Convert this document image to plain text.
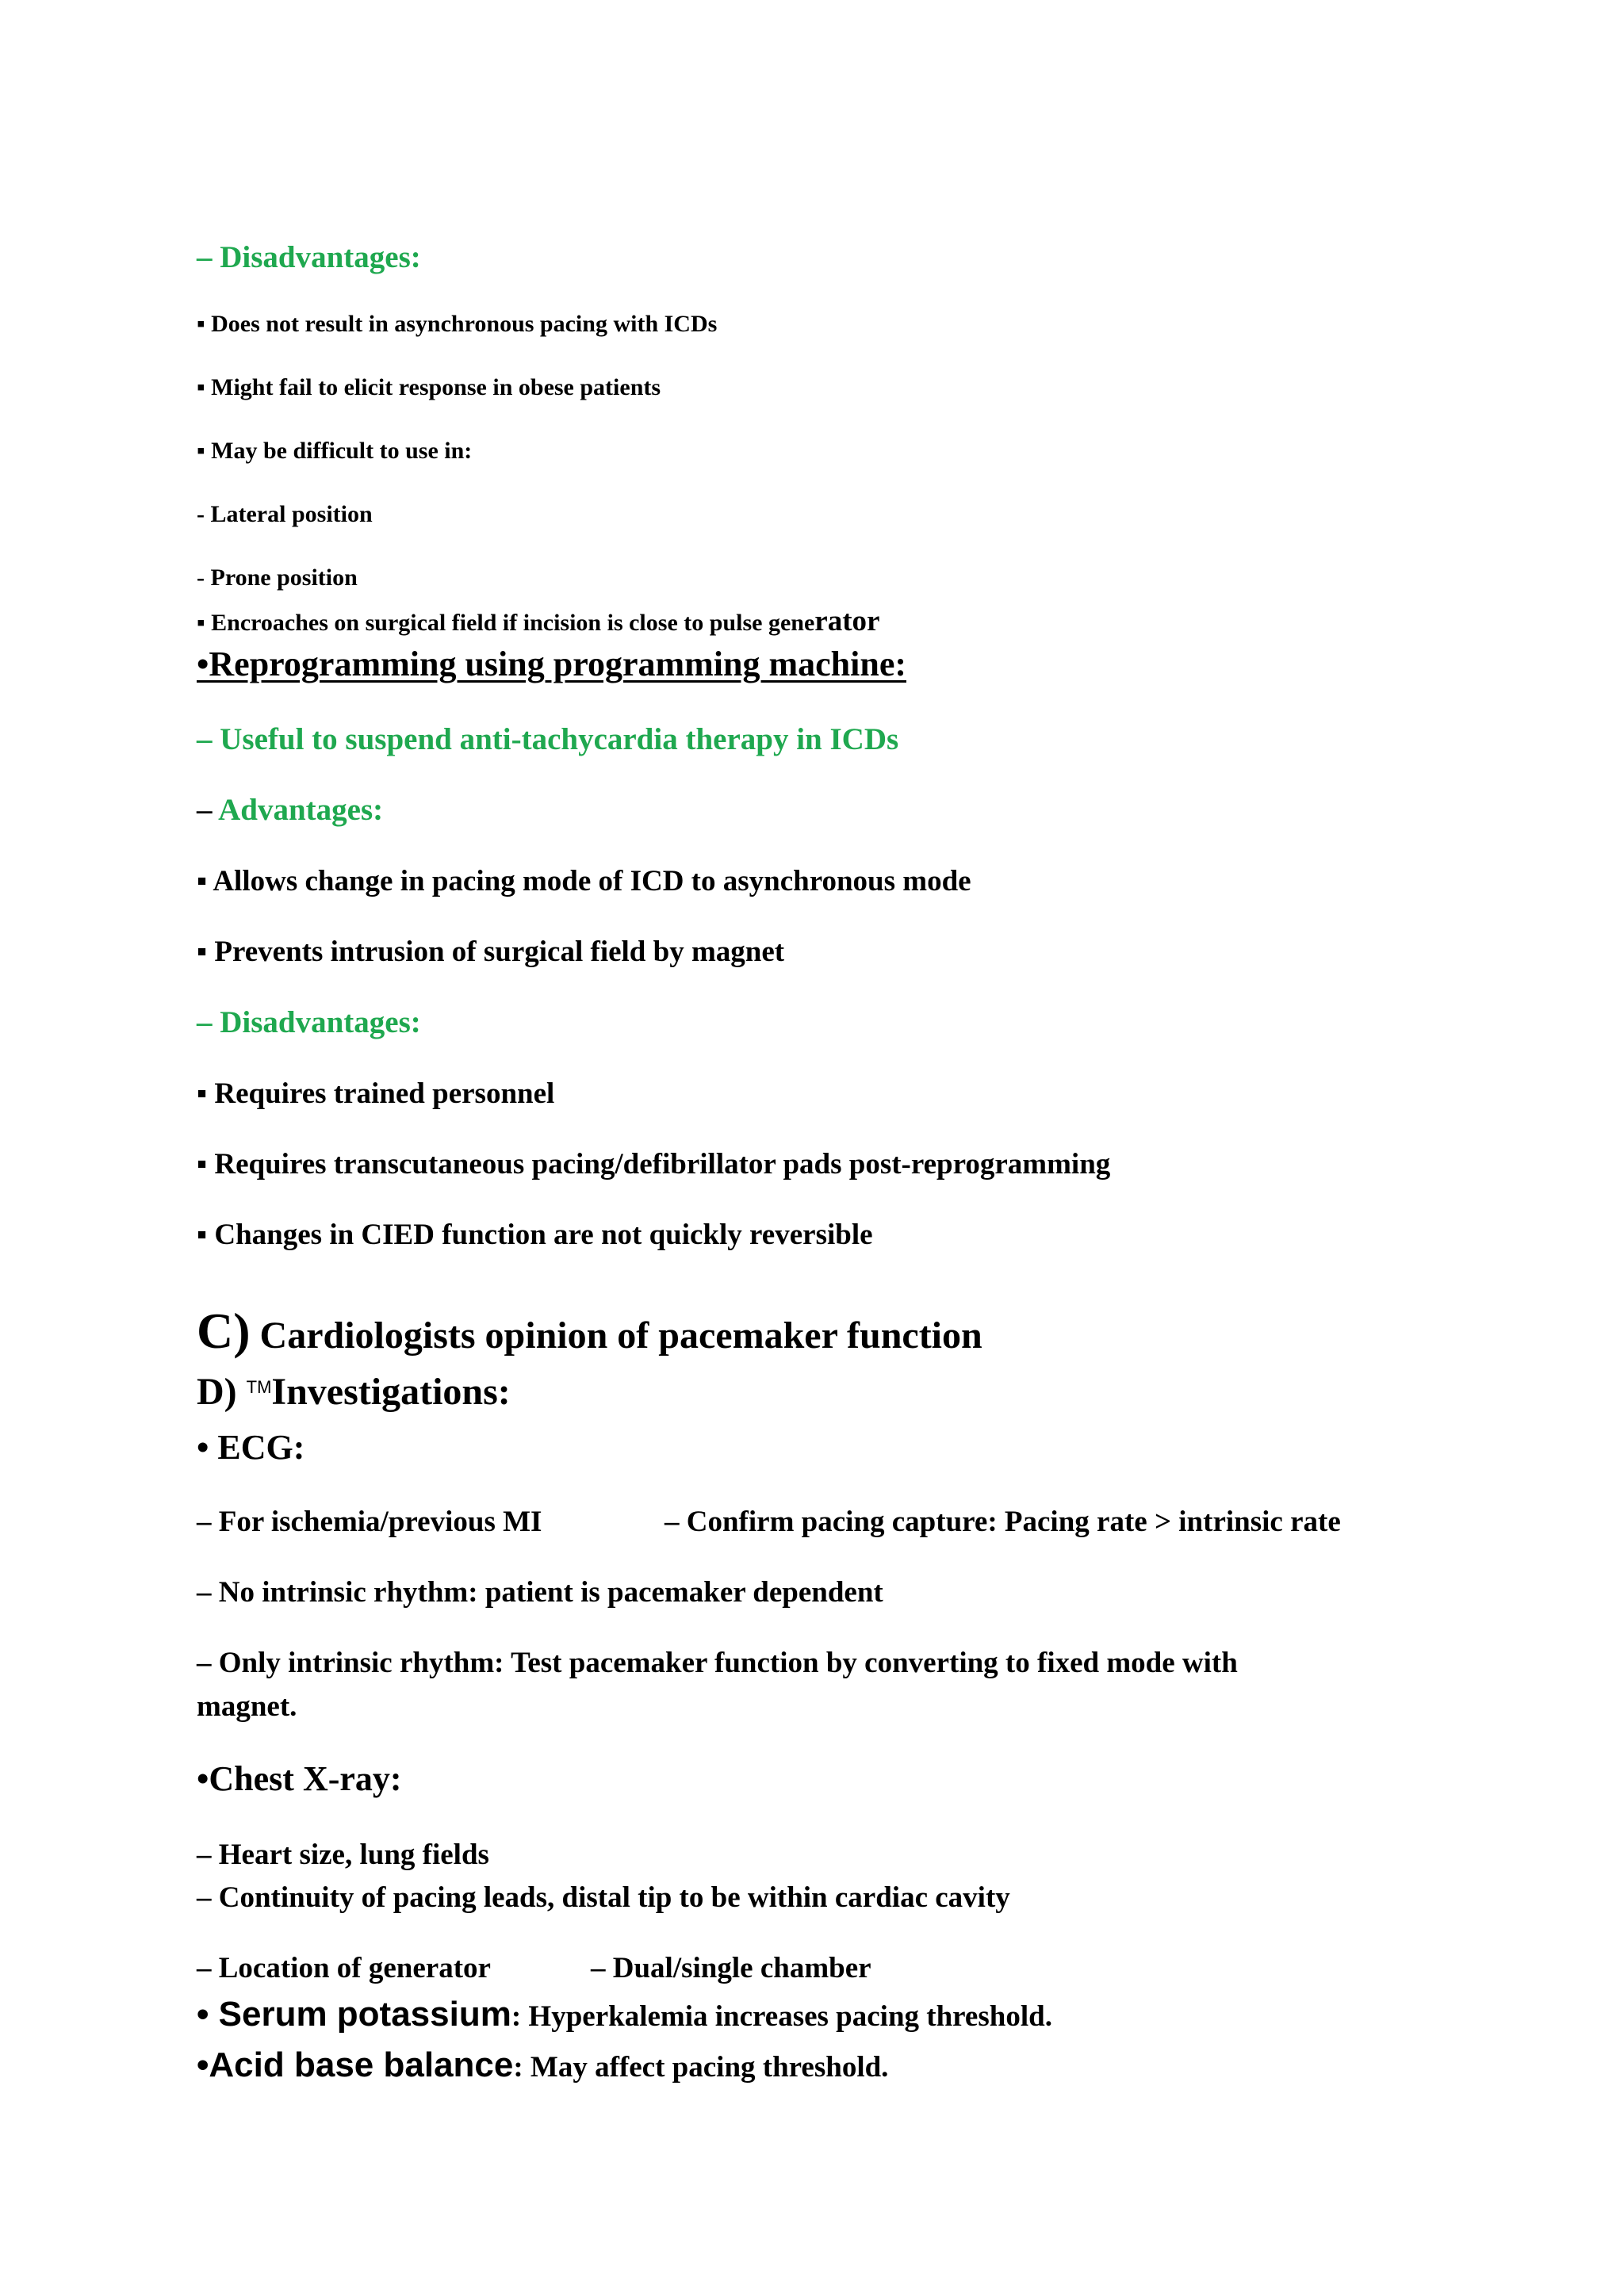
– Disadvantages:
▪ Does not result in asynchronous pacing with ICDs
▪ Might fail to elicit response in obese patients
▪ May be difficult to use in:
- Lateral position
- Prone position
▪ Encroaches on surgical field if incision is close to pulse generator
•Reprogramming using programming machine:
– Useful to suspend anti-tachycardia therapy in ICDs
– Advantages:
▪ Allows change in pacing mode of ICD to asynchronous mode
▪ Prevents intrusion of surgical field by magnet
– Disadvantages:
▪ Requires trained personnel
▪ Requires transcutaneous pacing/defibrillator pads post-reprogramming
▪ Changes in CIED function are not quickly reversible
C) Cardiologists opinion of pacemaker function
D) ™Investigations:
• ECG:
– For ischemia/previous MI	– Confirm pacing capture: Pacing rate > intrinsic rate
– No intrinsic rhythm: patient is pacemaker dependent
– Only intrinsic rhythm: Test pacemaker function by converting to fixed mode with
magnet.
•Chest X-ray:
– Heart size, lung fields
– Continuity of pacing leads, distal tip to be within cardiac cavity
– Location of generator	– Dual/single chamber
• Serum potassium: Hyperkalemia increases pacing threshold.
•Acid base balance: May affect pacing threshold.
